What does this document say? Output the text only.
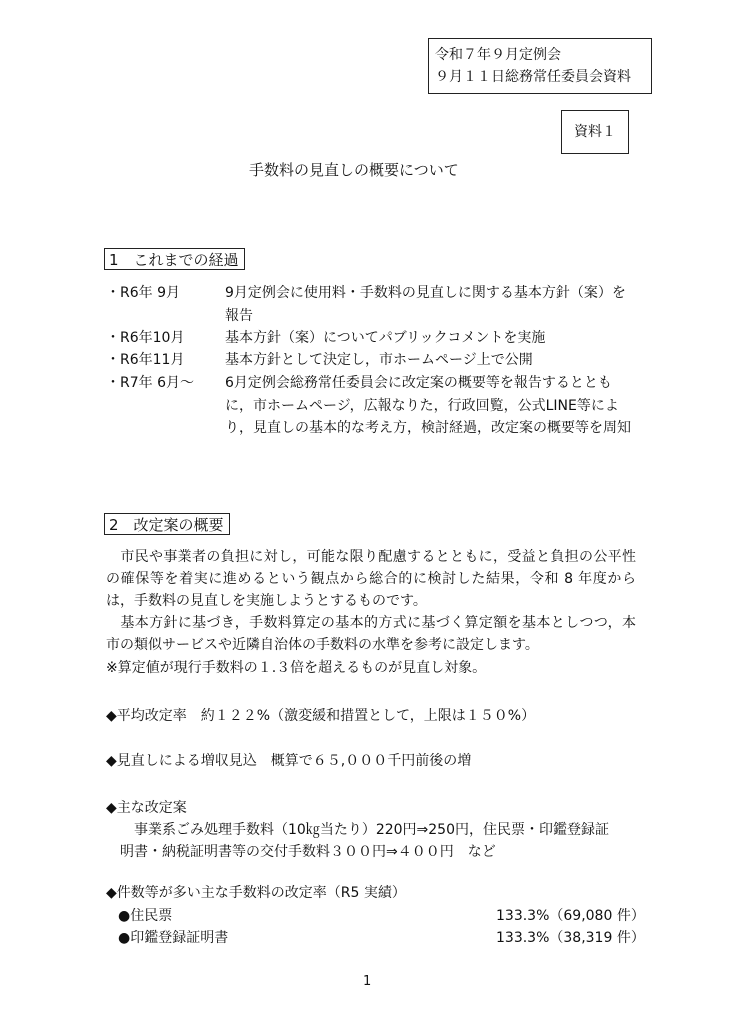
令和７年９月定例会
９月１１日総務常任委員会資料
資料１
手数料の見直しの概要について
1　これまでの経過
・R6年 9月	9月定例会に使用料・手数料の見直しに関する基本方針（案）を報告
・R6年10月	基本方針（案）についてパブリックコメントを実施
・R6年11月	基本方針として決定し，市ホームページ上で公開
・R7年 6月～ 6月定例会総務常任委員会に改定案の概要等を報告するとともに，市ホームページ，広報なりた，行政回覧，公式LINE等により，見直しの基本的な考え方，検討経過，改定案の概要等を周知
2　改定案の概要
　市民や事業者の負担に対し，可能な限り配慮するとともに，受益と負担の公平性の確保等を着実に進めるという観点から総合的に検討した結果，令和 8 年度からは，手数料の見直しを実施しようとするものです。
　基本方針に基づき，手数料算定の基本的方式に基づく算定額を基本としつつ，本市の類似サービスや近隣自治体の手数料の水準を参考に設定します。
※算定値が現行手数料の１.３倍を超えるものが見直し対象。
◆平均改定率　約１２２%（激変緩和措置として，上限は１５０%）
◆見直しによる増収見込　概算で６５,０００千円前後の増
◆主な改定案
事業系ごみ処理手数料（10㎏当たり）220円⇒250円，住民票・印鑑登録証
明書・納税証明書等の交付手数料３００円⇒４００円　など
◆件数等が多い主な手数料の改定率（R5 実績）
●住民票	133.3%（69,080 件）
●印鑑登録証明書	133.3%（38,319 件）
1
